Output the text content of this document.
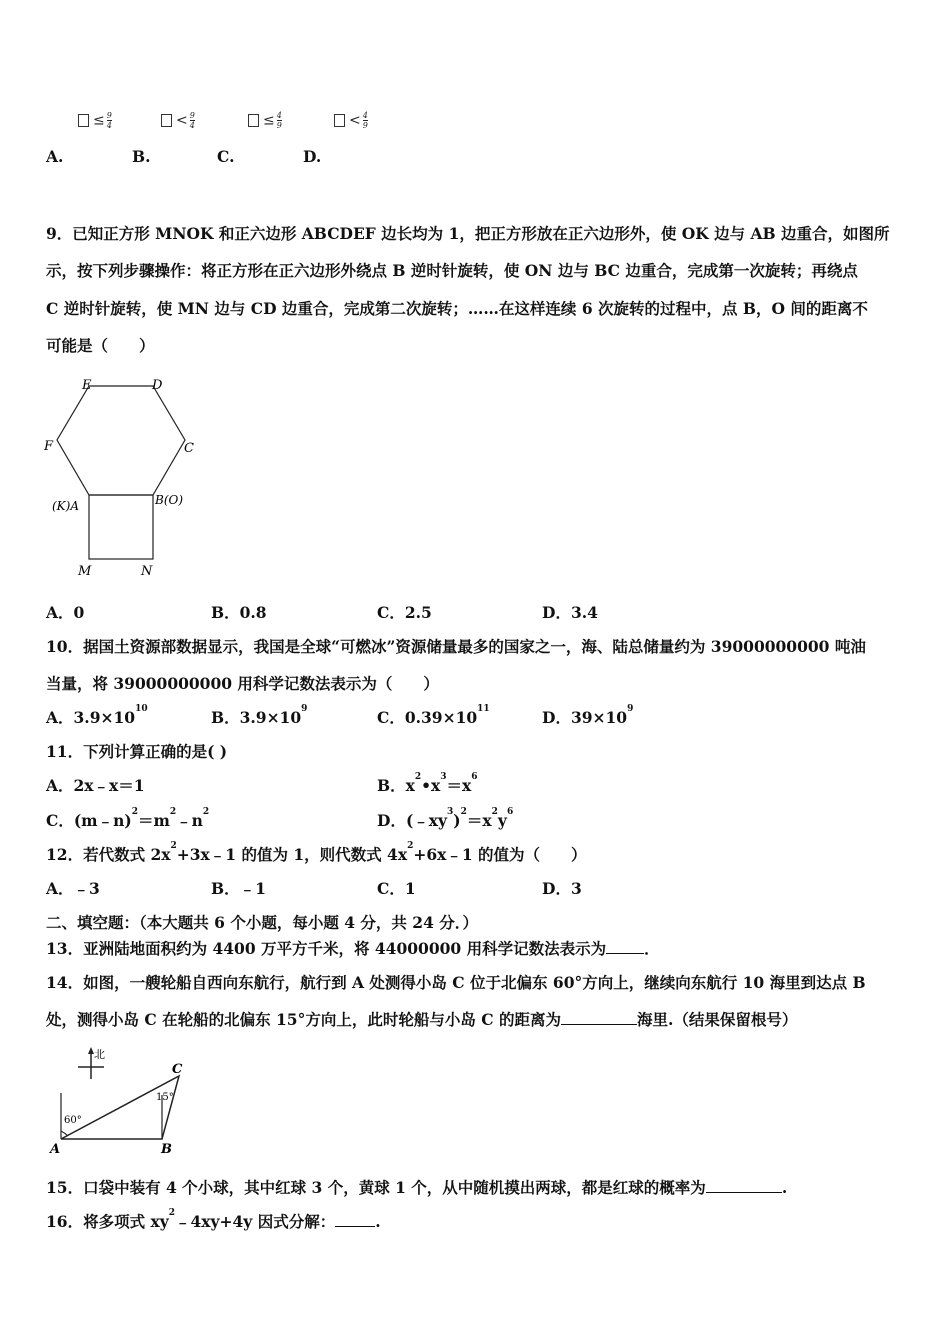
≤ $\frac{9}{4}$	< $\frac{9}{4}$	≤ $\frac{4}{9}$	< $\frac{4}{9}$
A.	B.	C.	D.
9．已知正方形 MNOK 和正六边形 ABCDEF 边长均为 1，把正方形放在正六边形外，使 OK 边与 AB 边重合，如图所
示，按下列步骤操作：将正方形在正六边形外绕点 B 逆时针旋转，使 ON 边与 BC 边重合，完成第一次旋转；再绕点
C 逆时针旋转，使 MN 边与 CD 边重合，完成第二次旋转；……在这样连续 6 次旋转的过程中，点 B，O 间的距离不
可能是（　　）
E	D
F	C
(K)A	B(O)
M	N
A．0	B．0.8	C．2.5	D．3.4
10．据国土资源部数据显示，我国是全球“可燃冰”资源储量最多的国家之一，海、陆总储量约为 39000000000 吨油
当量，将 39000000000 用科学记数法表示为（　　）
A．$3.9\times 10^{10}$	B．$3.9\times 10^9$	C．$0.39\times 10^{11}$	D．$39\times 10^9$
11．下列计算正确的是( )
A．2x﹣x＝1	B．$x^2•x^3=x^6$
C．$(m﹣n)^2=m^2﹣n^2$	D．$(﹣xy^3)^2=x^2y^6$
12．若代数式 $2x^2+3x﹣1$ 的值为 1，则代数式 $4x^2+6x﹣1$ 的值为（　　）
A．﹣3	B．﹣1	C．1	D．3
二、填空题：（本大题共 6 个小题，每小题 4 分，共 24 分．）
13．亚洲陆地面积约为 4400 万平方千米，将 44000000 用科学记数法表示为 ．
14．如图，一艘轮船自西向东航行，航行到 A 处测得小岛 C 位于北偏东 60°方向上，继续向东航行 10 海里到达点 B
处，测得小岛 C 在轮船的北偏东 15°方向上，此时轮船与小岛 C 的距离为	海里.（结果保留根号）
北
C
A	B
60°
15°
15．口袋中装有 4 个小球，其中红球 3 个，黄球 1 个，从中随机摸出两球，都是红球的概率为	.
16．将多项式 $xy^2﹣4xy+4y$ 因式分解：	.
